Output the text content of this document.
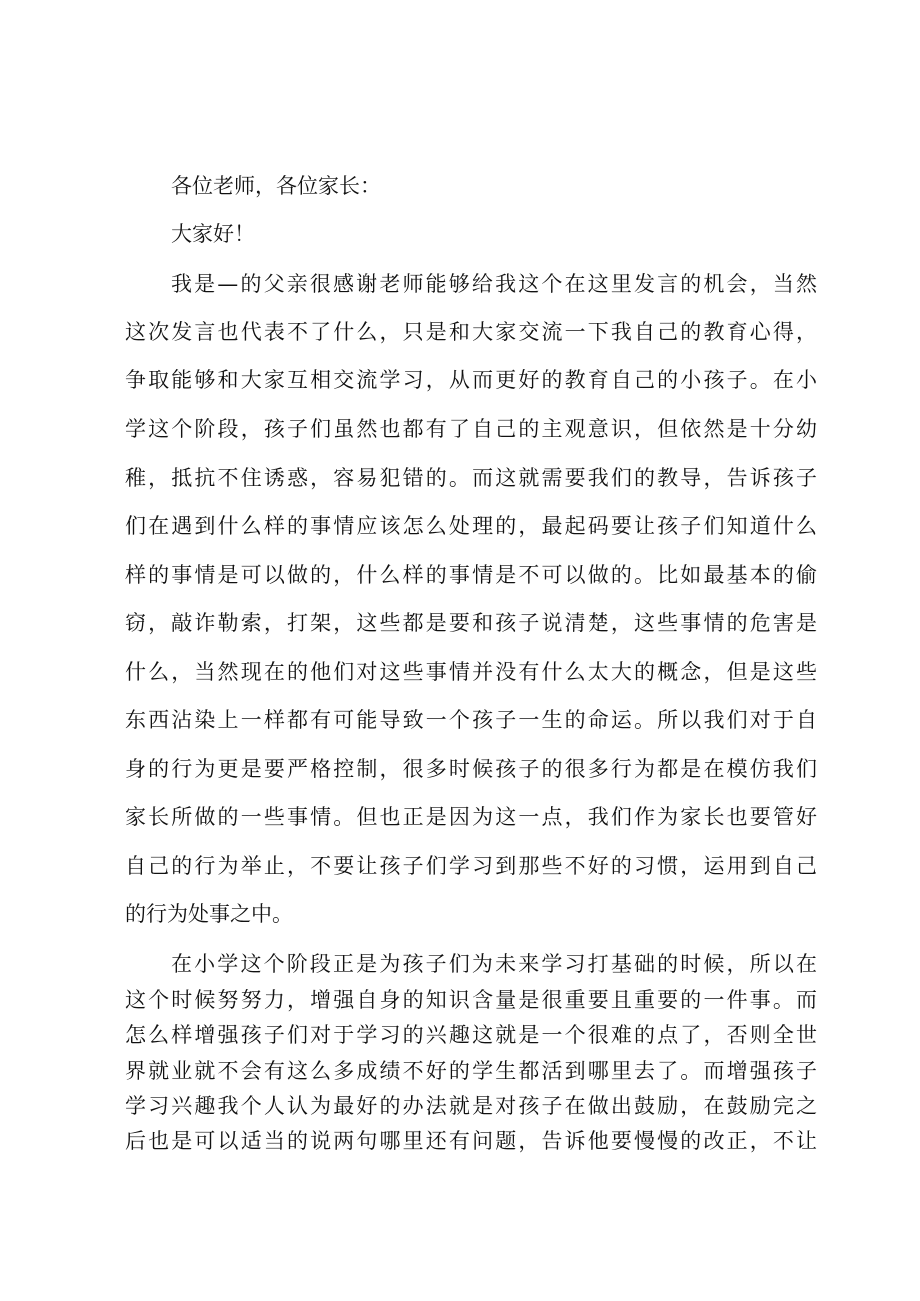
各位老师，各位家长：
大家好！
我是—的父亲很感谢老师能够给我这个在这里发言的机会，当然
这次发言也代表不了什么，只是和大家交流一下我自己的教育心得，
争取能够和大家互相交流学习，从而更好的教育自己的小孩子。在小
学这个阶段，孩子们虽然也都有了自己的主观意识，但依然是十分幼
稚，抵抗不住诱惑，容易犯错的。而这就需要我们的教导，告诉孩子
们在遇到什么样的事情应该怎么处理的，最起码要让孩子们知道什么
样的事情是可以做的，什么样的事情是不可以做的。比如最基本的偷
窃，敲诈勒索，打架，这些都是要和孩子说清楚，这些事情的危害是
什么，当然现在的他们对这些事情并没有什么太大的概念，但是这些
东西沾染上一样都有可能导致一个孩子一生的命运。所以我们对于自
身的行为更是要严格控制，很多时候孩子的很多行为都是在模仿我们
家长所做的一些事情。但也正是因为这一点，我们作为家长也要管好
自己的行为举止，不要让孩子们学习到那些不好的习惯，运用到自己
的行为处事之中。
在小学这个阶段正是为孩子们为未来学习打基础的时候，所以在
这个时候努努力，增强自身的知识含量是很重要且重要的一件事。而
怎么样增强孩子们对于学习的兴趣这就是一个很难的点了，否则全世
界就业就不会有这么多成绩不好的学生都活到哪里去了。而增强孩子
学习兴趣我个人认为最好的办法就是对孩子在做出鼓励，在鼓励完之
后也是可以适当的说两句哪里还有问题，告诉他要慢慢的改正，不让
